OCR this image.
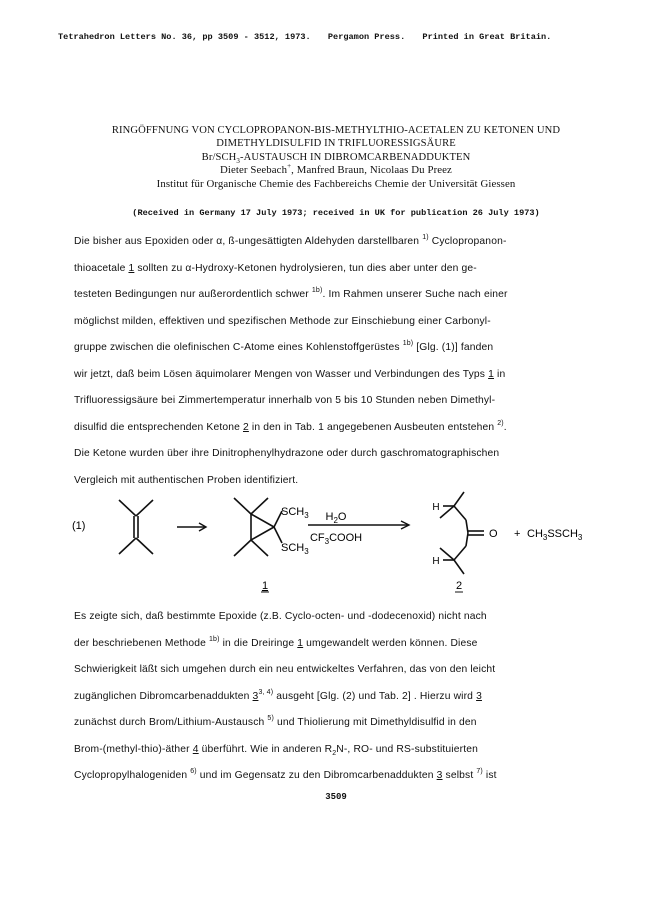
Tetrahedron Letters No. 36, pp 3509 - 3512, 1973. Pergamon Press. Printed in Great Britain.
RINGÖFFNUNG VON CYCLOPROPANON-BIS-METHYLTHIO-ACETALEN ZU KETONEN UND
DIMETHYLDISULFID IN TRIFLUORESSIGSÄURE
$Br/SCH_3$-AUSTAUSCH IN DIBROMCARBENADDUKTEN
Dieter Seebach+, Manfred Braun, Nicolaas Du Preez
Institut für Organische Chemie des Fachbereichs Chemie der Universität Giessen
(Received in Germany 17 July 1973; received in UK for publication 26 July 1973)
Die bisher aus Epoxiden oder α, ß-ungesättigten Aldehyden darstellbaren $^{1)}$ Cyclopropanon-
thioacetale 1 sollten zu α-Hydroxy-Ketonen hydrolysieren, tun dies aber unter den ge-
testeten Bedingungen nur außerordentlich schwer $^{1b)}$. Im Rahmen unserer Suche nach einer
möglichst milden, effektiven und spezifischen Methode zur Einschiebung einer Carbonyl-
gruppe zwischen die olefinischen C-Atome eines Kohlenstoffgerüstes $^{1b)}$ [Glg. (1)] fanden
wir jetzt, daß beim Lösen äquimolarer Mengen von Wasser und Verbindungen des Typs 1 in
Trifluoressigsäure bei Zimmertemperatur innerhalb von 5 bis 10 Stunden neben Dimethyl-
disulfid die entsprechenden Ketone 2 in den in Tab. 1 angegebenen Ausbeuten entstehen $^{2)}$.
Die Ketone wurden über ihre Dinitrophenylhydrazone oder durch gaschromatographischen
Vergleich mit authentischen Proben identifiziert.
(1)
$SCH_3$
$SCH_3$
$H_2O$
$CF_3COOH$
H
H
$O + CH_3SSCH_3$
1	2
Es zeigte sich, daß bestimmte Epoxide (z.B. Cyclo-octen- und -dodecenoxid) nicht nach
der beschriebenen Methode $^{1b)}$ in die Dreiringe 1 umgewandelt werden können. Diese
Schwierigkeit läßt sich umgehen durch ein neu entwickeltes Verfahren, das von den leicht
zugänglichen Dibromcarbenaddukten 3$^{3, 4)}$ ausgeht [Glg. (2) und Tab. 2] . Hierzu wird 3
zunächst durch Brom/Lithium-Austausch $^{5)}$ und Thiolierung mit Dimethyldisulfid in den
Brom-(methyl-thio)-äther 4 überführt. Wie in anderen $R_2N-$, RO- und RS-substituierten
Cyclopropylhalogeniden $^{6)}$ und im Gegensatz zu den Dibromcarbenaddukten 3 selbst $^{7)}$ ist
3509
